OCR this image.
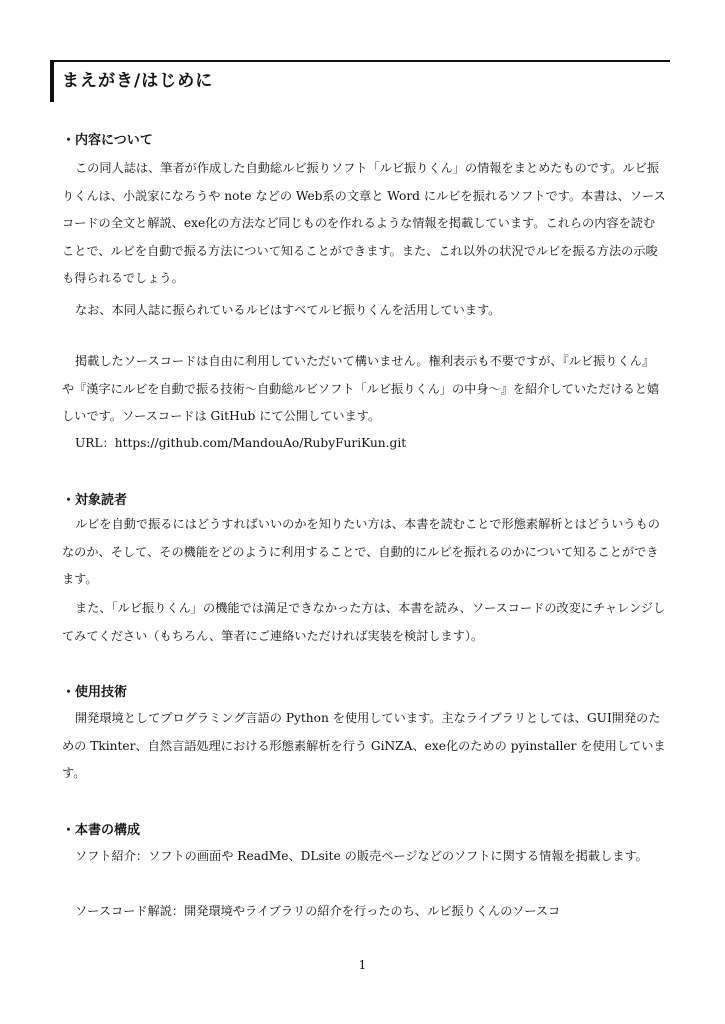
まえがき/はじめに
・内容について

この同人誌は、筆者が作成した自動総ルビ振りソフト「ルビ振りくん」の情報をまとめたものです。ルビ振りくんは、小説家になろうや note などの Web系の文章と Word にルビを振れるソフトです。本書は、ソースコードの全文と解説、exe化の方法など同じものを作れるような情報を掲載しています。これらの内容を読むことで、ルビを自動で振る方法について知ることができます。また、これ以外の状況でルビを振る方法の示唆も得られるでしょう。

なお、本同人誌に振られているルビはすべてルビ振りくんを活用しています。

掲載したソースコードは自由に利用していただいて構いません。権利表示も不要ですが、『ルビ振りくん』や『漢字にルビを自動で振る技術〜自動総ルビソフト「ルビ振りくん」の中身〜』を紹介していただけると嬉しいです。ソースコードは GitHub にて公開しています。

URL：https://github.com/MandouAo/RubyFuriKun.git

・対象読者

ルビを自動で振るにはどうすればいいのかを知りたい方は、本書を読むことで形態素解析とはどういうものなのか、そして、その機能をどのように利用することで、自動的にルビを振れるのかについて知ることができます。

また、「ルビ振りくん」の機能では満足できなかった方は、本書を読み、ソースコードの改変にチャレンジしてみてください（もちろん、筆者にご連絡いただければ実装を検討します）。

・使用技術

開発環境としてプログラミング言語の Python を使用しています。主なライブラリとしては、GUI開発のための Tkinter、自然言語処理における形態素解析を行う GiNZA、exe化のための pyinstaller を使用しています。

・本書の構成

ソフト紹介：ソフトの画面や ReadMe、DLsite の販売ページなどのソフトに関する情報を掲載します。

ソースコード解説：開発環境やライブラリの紹介を行ったのち、ルビ振りくんのソースコ

1
